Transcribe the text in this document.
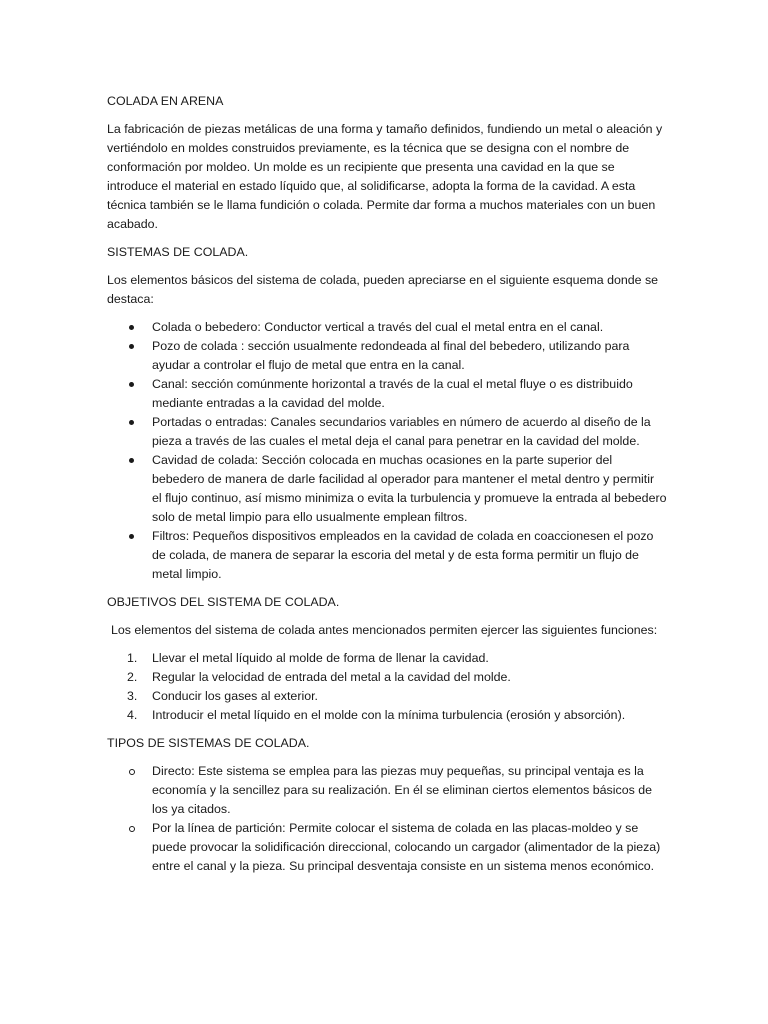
COLADA EN ARENA

La fabricación de piezas metálicas de una forma y tamaño definidos, fundiendo un metal o aleación y vertiéndolo en moldes construidos previamente, es la técnica que se designa con el nombre de conformación por moldeo. Un molde es un recipiente que presenta una cavidad en la que se introduce el material en estado líquido que, al solidificarse, adopta la forma de la cavidad. A esta técnica también se le llama fundición o colada. Permite dar forma a muchos materiales con un buen acabado.

SISTEMAS DE COLADA.

Los elementos básicos del sistema de colada, pueden apreciarse en el siguiente esquema donde se destaca:

Colada o bebedero: Conductor vertical a través del cual el metal entra en el canal.
Pozo de colada : sección usualmente redondeada al final del bebedero, utilizando para ayudar a controlar el flujo de metal que entra en la canal.
Canal: sección comúnmente horizontal a través de la cual el metal fluye o es distribuido mediante entradas a la cavidad del molde.
Portadas o entradas: Canales secundarios variables en número de acuerdo al diseño de la pieza a través de las cuales el metal deja el canal para penetrar en la cavidad del molde.
Cavidad de colada: Sección colocada en muchas ocasiones en la parte superior del bebedero de manera de darle facilidad al operador para mantener el metal dentro y permitir el flujo continuo, así mismo minimiza o evita la turbulencia y promueve la entrada al bebedero solo de metal limpio para ello usualmente emplean filtros.
Filtros: Pequeños dispositivos empleados en la cavidad de colada en coaccionesen el pozo de colada, de manera de separar la escoria del metal y de esta forma permitir un flujo de metal limpio.

OBJETIVOS DEL SISTEMA DE COLADA.

Los elementos del sistema de colada antes mencionados permiten ejercer las siguientes funciones:

1.	Llevar el metal líquido al molde de forma de llenar la cavidad.
2.	Regular la velocidad de entrada del metal a la cavidad del molde.
3.	Conducir los gases al exterior.
4.	Introducir el metal líquido en el molde con la mínima turbulencia (erosión y absorción).

TIPOS DE SISTEMAS DE COLADA.

Directo: Este sistema se emplea para las piezas muy pequeñas, su principal ventaja es la economía y la sencillez para su realización. En él se eliminan ciertos elementos básicos de los ya citados.
Por la línea de partición: Permite colocar el sistema de colada en las placas-moldeo y se puede provocar la solidificación direccional, colocando un cargador (alimentador de la pieza) entre el canal y la pieza. Su principal desventaja consiste en un sistema menos económico.
